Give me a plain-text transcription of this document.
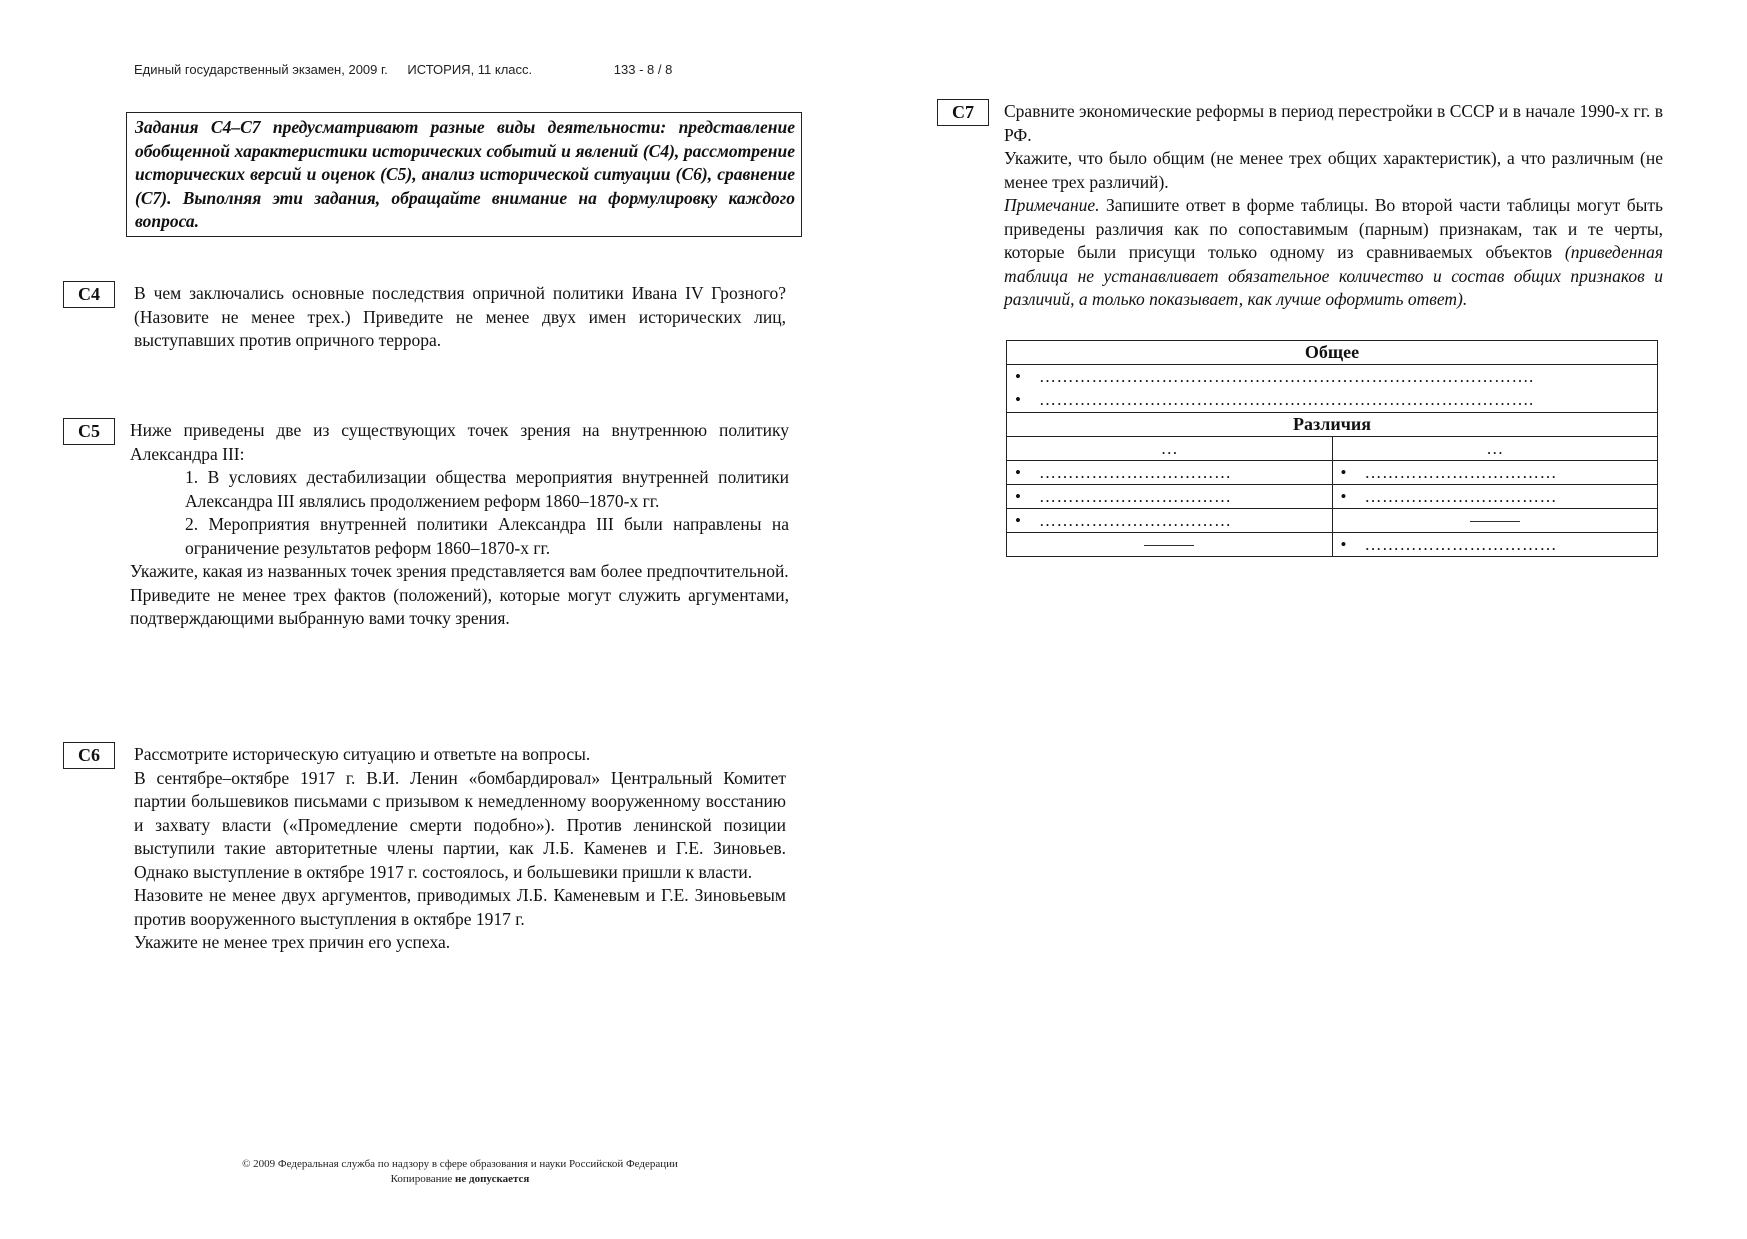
Единый государственный экзамен, 2009 г. ИСТОРИЯ, 11 класс.	133 - 8 / 8
Задания С4–С7 предусматривают разные виды деятельности: представление обобщенной характеристики исторических событий и явлений (С4), рассмотрение исторических версий и оценок (С5), анализ исторической ситуации (С6), сравнение (С7). Выполняя эти задания, обращайте внимание на формулировку каждого вопроса.
С4	В чем заключались основные последствия опричной политики Ивана IV Грозного? (Назовите не менее трех.) Приведите не менее двух имен исторических лиц, выступавших против опричного террора.

С5	Ниже приведены две из существующих точек зрения на внутреннюю политику Александра III:

1. В условиях дестабилизации общества мероприятия внутренней политики Александра III являлись продолжением реформ 1860–1870-х гг.

2. Мероприятия внутренней политики Александра III были направлены на ограничение результатов реформ 1860–1870-х гг.

Укажите, какая из названных точек зрения представляется вам более предпочтительной.

Приведите не менее трех фактов (положений), которые могут служить аргументами, подтверждающими выбранную вами точку зрения.

С6	Рассмотрите историческую ситуацию и ответьте на вопросы.

В сентябре–октябре 1917 г. В.И. Ленин «бомбардировал» Центральный Комитет партии большевиков письмами с призывом к немедленному вооруженному восстанию и захвату власти («Промедление смерти подобно»). Против ленинской позиции выступили такие авторитетные члены партии, как Л.Б. Каменев и Г.Е. Зиновьев. Однако выступление в октябре 1917 г. состоялось, и большевики пришли к власти.

Назовите не менее двух аргументов, приводимых Л.Б. Каменевым и Г.Е. Зиновьевым против вооруженного выступления в октябре 1917 г.

Укажите не менее трех причин его успеха.

С7	Сравните экономические реформы в период перестройки в СССР и в начале 1990-х гг. в РФ.

Укажите, что было общим (не менее трех общих характеристик), а что различным (не менее трех различий).

Примечание. Запишите ответ в форме таблицы. Во второй части таблицы могут быть приведены различия как по сопоставимым (парным) признакам, так и те черты, которые были присущи только одному из сравниваемых объектов (приведенная таблица не устанавливает обязательное количество и состав общих признаков и различий, а только показывает, как лучше оформить ответ).

Общее	
• ………………………………………………………………………….	
• ………………………………………………………………………….	
Различия	
…	…
• ……………………………	• ……………………………
• ……………………………	• ……………………………
• ……………………………	
	• ……………………………
© 2009 Федеральная служба по надзору в сфере образования и науки Российской Федерации
Копирование не допускается
